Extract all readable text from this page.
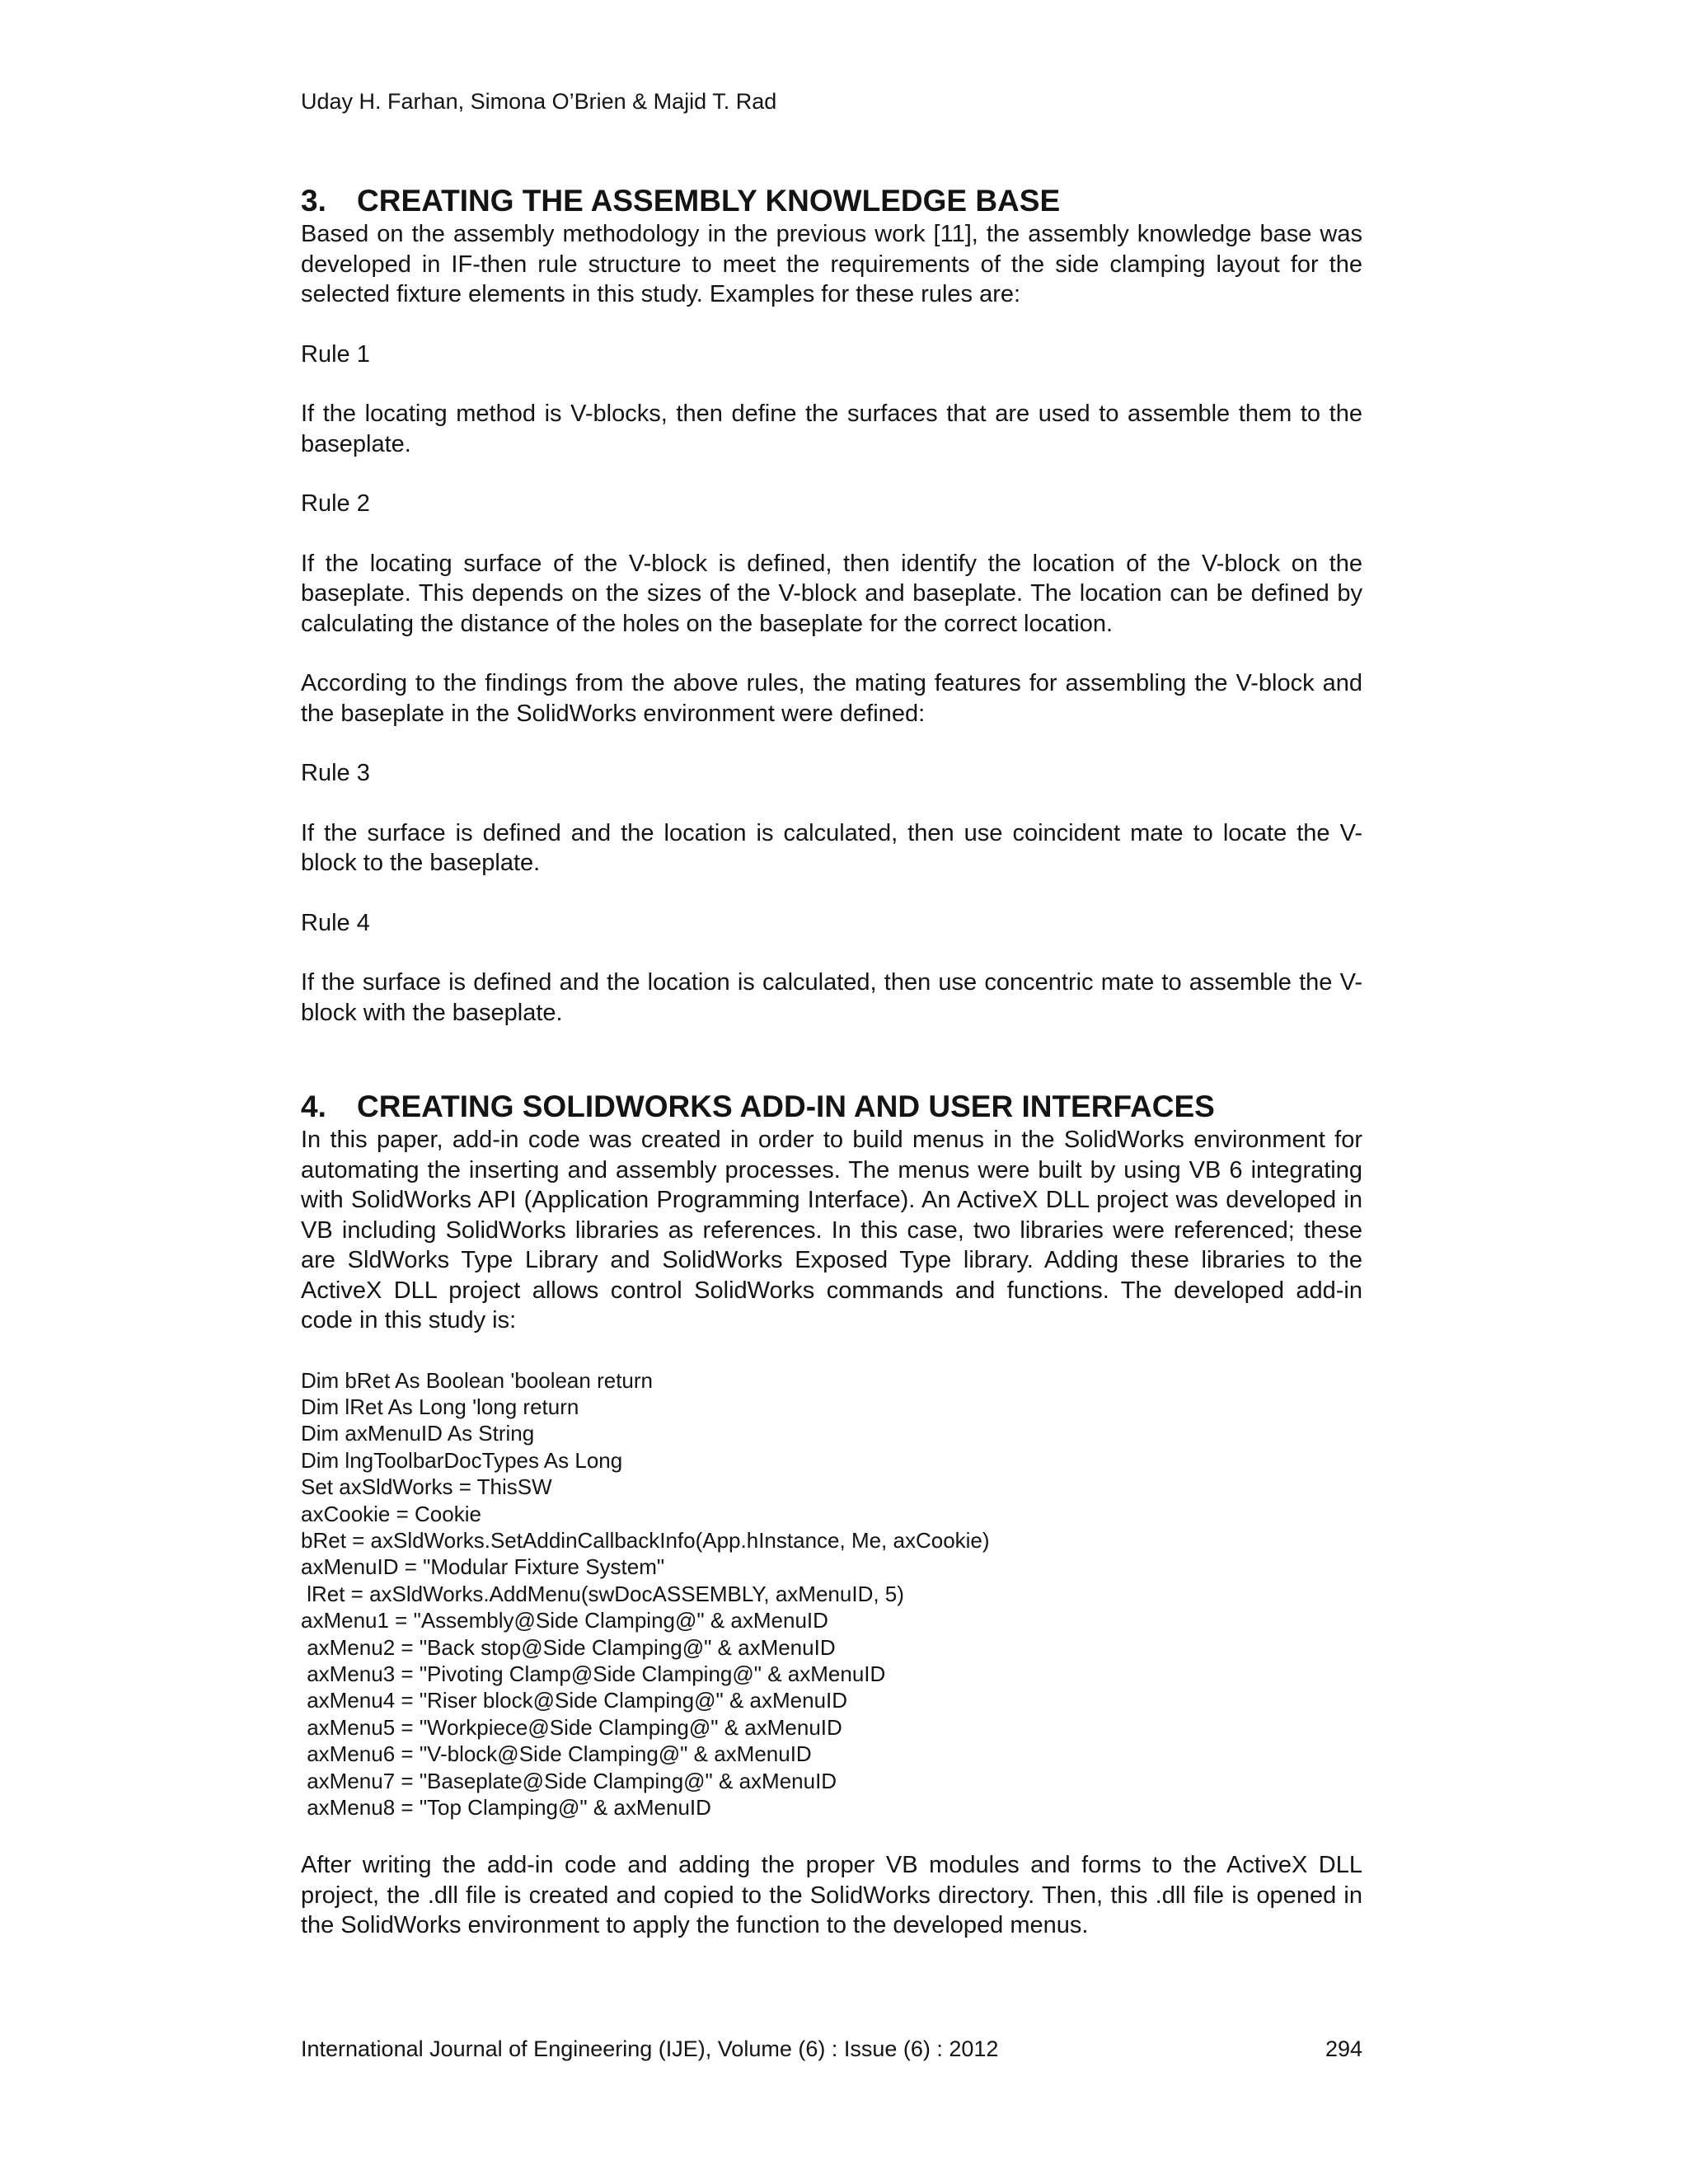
Uday H. Farhan, Simona O’Brien & Majid T. Rad
3. CREATING THE ASSEMBLY KNOWLEDGE BASE

Based on the assembly methodology in the previous work [11], the assembly knowledge base was developed in IF-then rule structure to meet the requirements of the side clamping layout for the selected fixture elements in this study. Examples for these rules are:

Rule 1

If the locating method is V-blocks, then define the surfaces that are used to assemble them to the baseplate.

Rule 2

If the locating surface of the V-block is defined, then identify the location of the V-block on the baseplate. This depends on the sizes of the V-block and baseplate. The location can be defined by calculating the distance of the holes on the baseplate for the correct location.

According to the findings from the above rules, the mating features for assembling the V-block and the baseplate in the SolidWorks environment were defined:

Rule 3

If the surface is defined and the location is calculated, then use coincident mate to locate the V-block to the baseplate.

Rule 4

If the surface is defined and the location is calculated, then use concentric mate to assemble the V-block with the baseplate.

4. CREATING SOLIDWORKS ADD-IN AND USER INTERFACES

In this paper, add-in code was created in order to build menus in the SolidWorks environment for automating the inserting and assembly processes. The menus were built by using VB 6 integrating with SolidWorks API (Application Programming Interface). An ActiveX DLL project was developed in VB including SolidWorks libraries as references. In this case, two libraries were referenced; these are SldWorks Type Library and SolidWorks Exposed Type library. Adding these libraries to the ActiveX DLL project allows control SolidWorks commands and functions. The developed add-in code in this study is:

Dim bRet As Boolean 'boolean return
Dim lRet As Long 'long return
Dim axMenuID As String
Dim lngToolbarDocTypes As Long
Set axSldWorks = ThisSW
axCookie = Cookie
bRet = axSldWorks.SetAddinCallbackInfo(App.hInstance, Me, axCookie)
axMenuID = "Modular Fixture System"
lRet = axSldWorks.AddMenu(swDocASSEMBLY, axMenuID, 5)
axMenu1 = "Assembly@Side Clamping@" & axMenuID
axMenu2 = "Back stop@Side Clamping@" & axMenuID
axMenu3 = "Pivoting Clamp@Side Clamping@" & axMenuID
axMenu4 = "Riser block@Side Clamping@" & axMenuID
axMenu5 = "Workpiece@Side Clamping@" & axMenuID
axMenu6 = "V-block@Side Clamping@" & axMenuID
axMenu7 = "Baseplate@Side Clamping@" & axMenuID
axMenu8 = "Top Clamping@" & axMenuID

After writing the add-in code and adding the proper VB modules and forms to the ActiveX DLL project, the .dll file is created and copied to the SolidWorks directory. Then, this .dll file is opened in the SolidWorks environment to apply the function to the developed menus.

International Journal of Engineering (IJE), Volume (6) : Issue (6) : 2012	294
